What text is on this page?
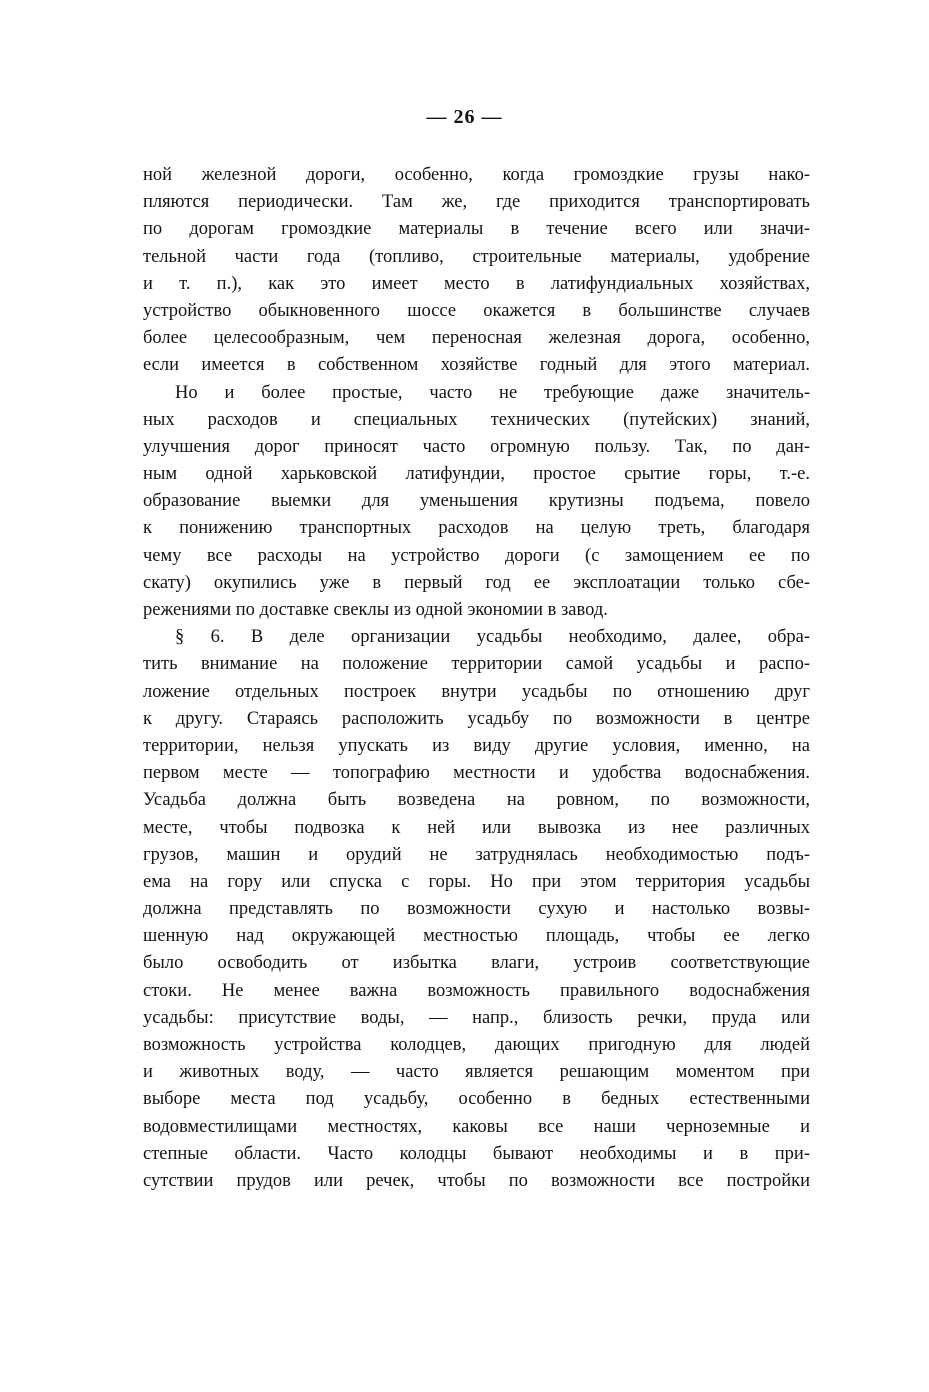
— 26 —
ной железной дороги, особенно, когда громоздкие грузы нако-
пляются периодически. Там же, где приходится транспортировать
по дорогам громоздкие материалы в течение всего или значи-
тельной части года (топливо, строительные материалы, удобрение
и т. п.), как это имеет место в латифундиальных хозяйствах,
устройство обыкновенного шоссе окажется в большинстве случаев
более целесообразным, чем переносная железная дорога, особенно,
если имеется в собственном хозяйстве годный для этого материал.
Но и более простые, часто не требующие даже значитель-
ных расходов и специальных технических (путейских) знаний,
улучшения дорог приносят часто огромную пользу. Так, по дан-
ным одной харьковской латифундии, простое срытие горы, т.-е.
образование выемки для уменьшения крутизны подъема, повело
к понижению транспортных расходов на целую треть, благодаря
чему все расходы на устройство дороги (с замощением ее по
скату) окупились уже в первый год ее эксплоатации только сбе-
режениями по доставке свеклы из одной экономии в завод.
§ 6. В деле организации усадьбы необходимо, далее, обра-
тить внимание на положение территории самой усадьбы и распо-
ложение отдельных построек внутри усадьбы по отношению друг
к другу. Стараясь расположить усадьбу по возможности в центре
территории, нельзя упускать из виду другие условия, именно, на
первом месте — топографию местности и удобства водоснабжения.
Усадьба должна быть возведена на ровном, по возможности,
месте, чтобы подвозка к ней или вывозка из нее различных
грузов, машин и орудий не затруднялась необходимостью подъ-
ема на гору или спуска с горы. Но при этом территория усадьбы
должна представлять по возможности сухую и настолько возвы-
шенную над окружающей местностью площадь, чтобы ее легко
было освободить от избытка влаги, устроив соответствующие
стоки. Не менее важна возможность правильного водоснабжения
усадьбы: присутствие воды, — напр., близость речки, пруда или
возможность устройства колодцев, дающих пригодную для людей
и животных воду, — часто является решающим моментом при
выборе места под усадьбу, особенно в бедных естественными
водовместилищами местностях, каковы все наши черноземные и
степные области. Часто колодцы бывают необходимы и в при-
сутствии прудов или речек, чтобы по возможности все постройки
